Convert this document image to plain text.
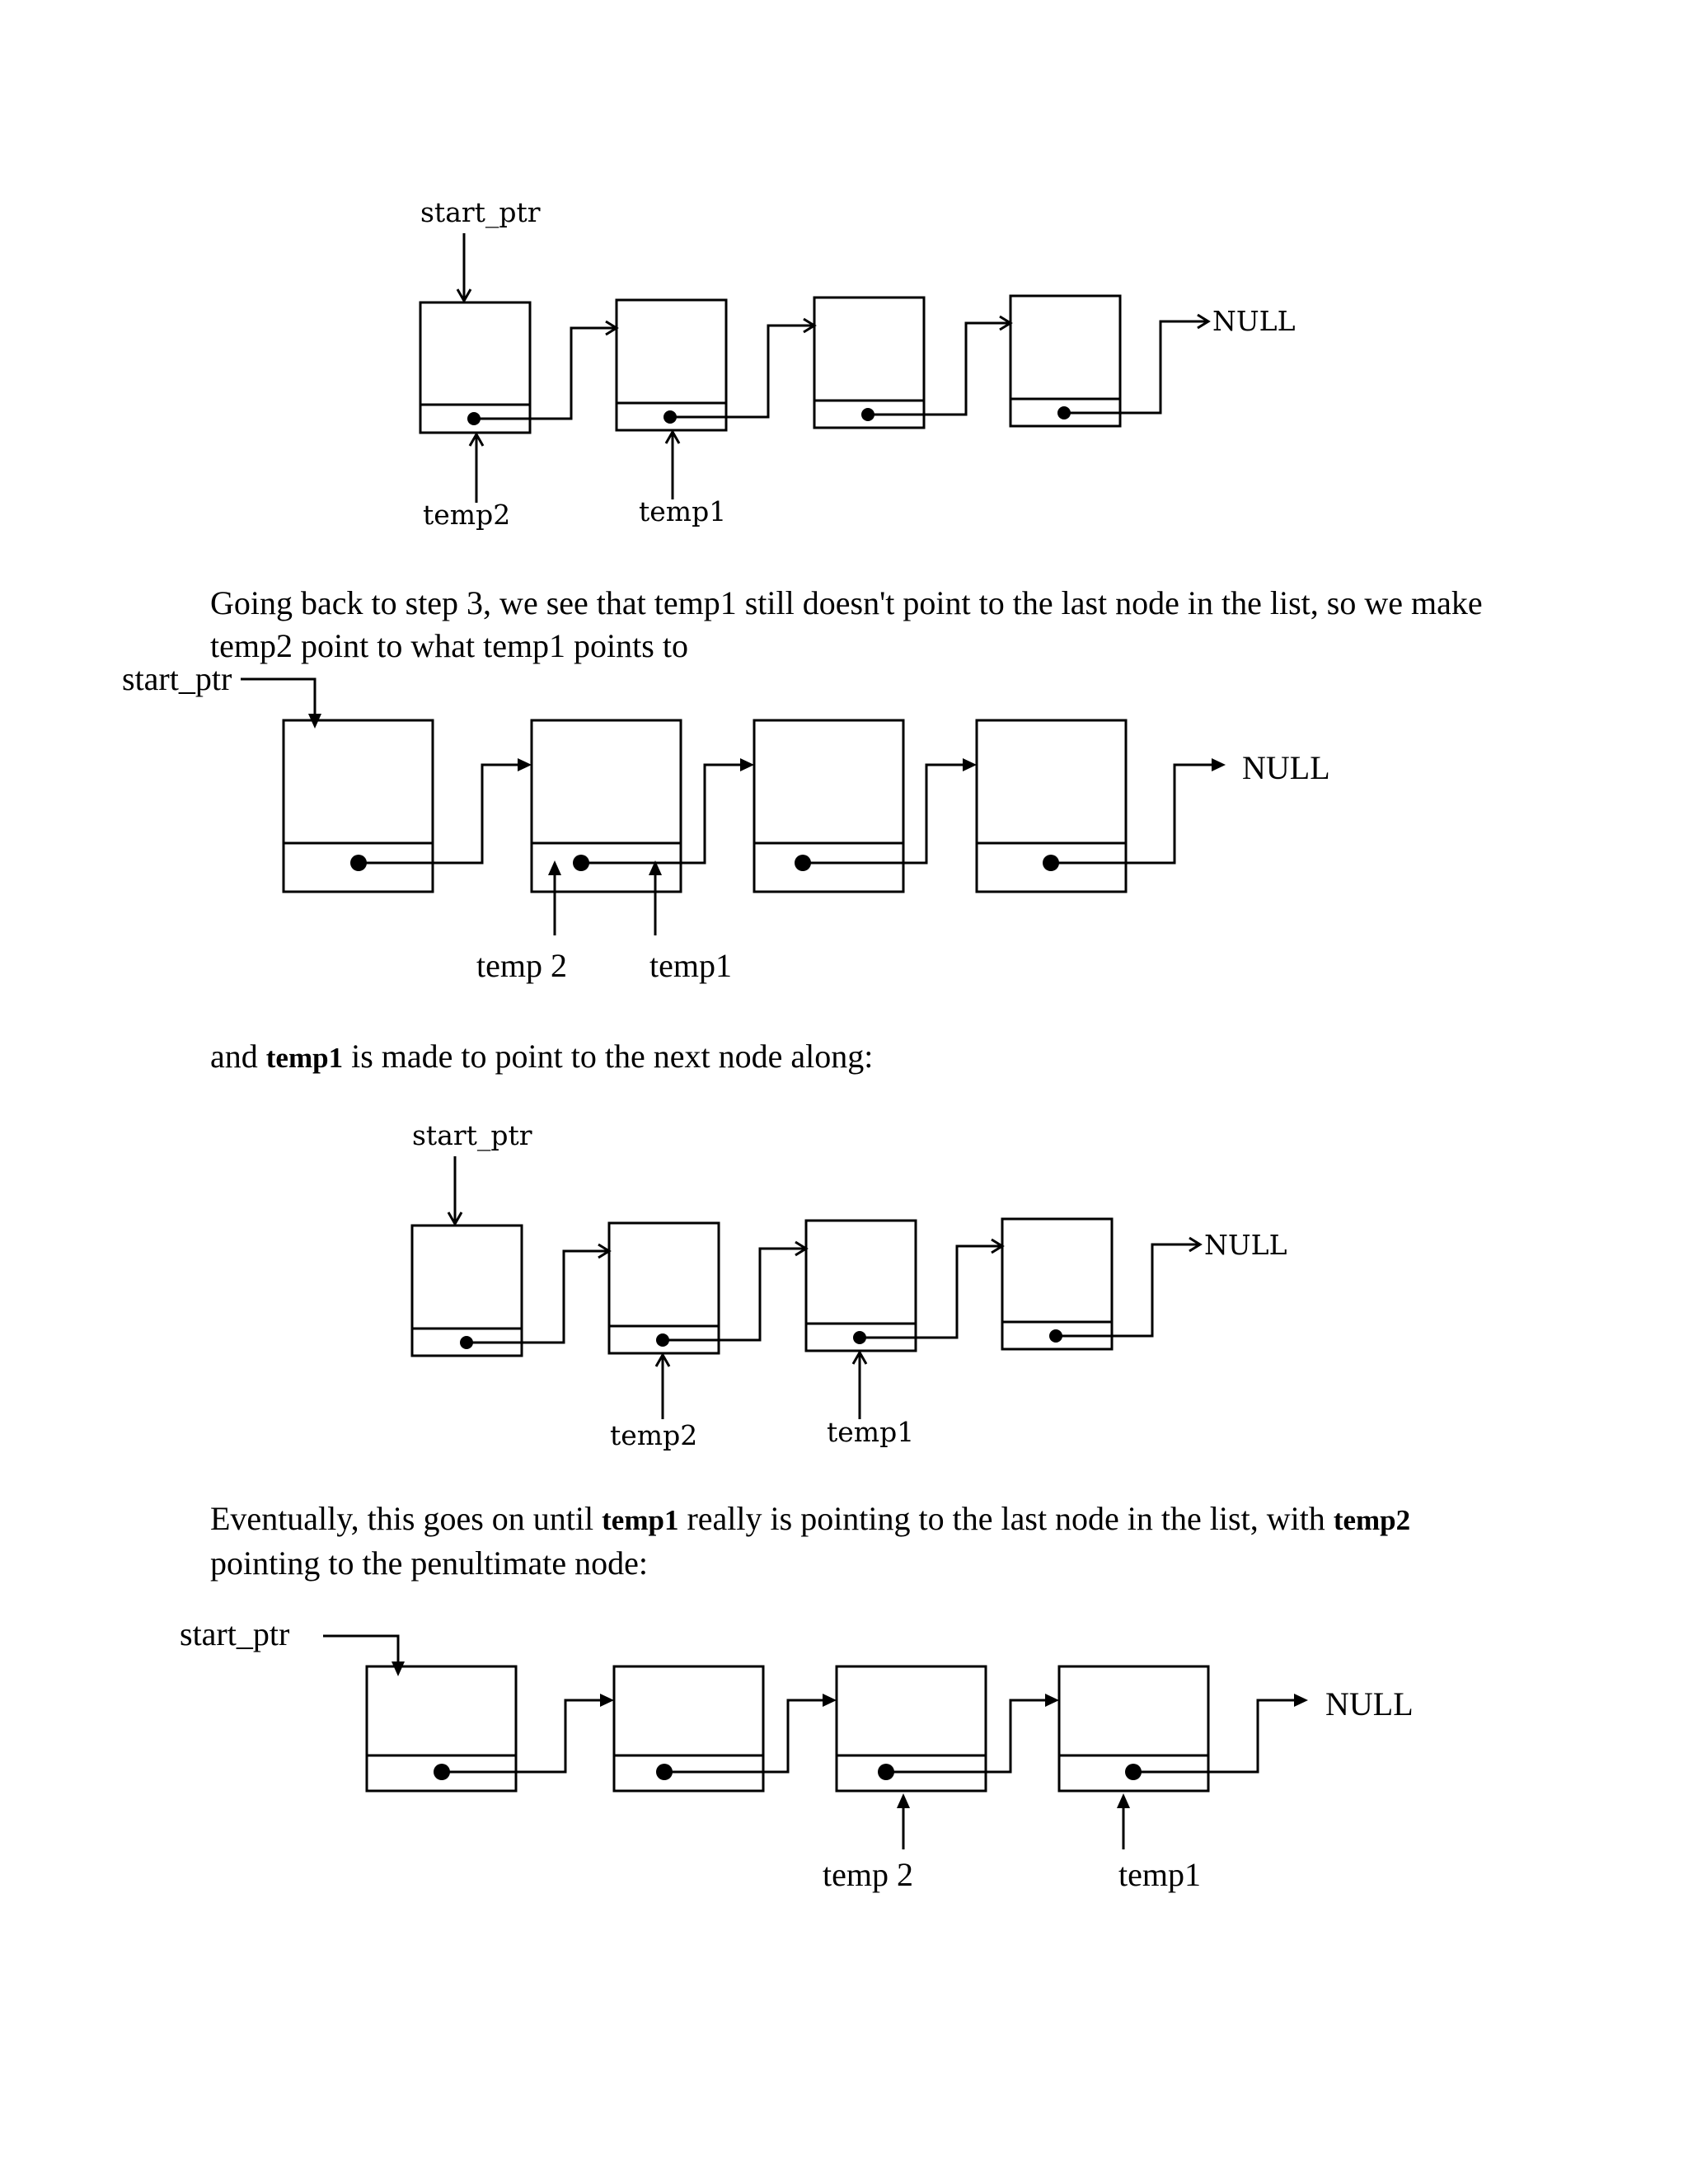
start_ptr
NULL
temp2	temp1
start_ptr
NULL
temp 2	temp1
start_ptr
NULL
temp2	temp1
start_ptr
NULL
temp 2	temp1
Going back to step 3, we see that temp1 still doesn't point to the last node in the list, so we make
temp2 point to what temp1 points to
and temp1 is made to point to the next node along:
Eventually, this goes on until temp1 really is pointing to the last node in the list, with temp2
pointing to the penultimate node:
